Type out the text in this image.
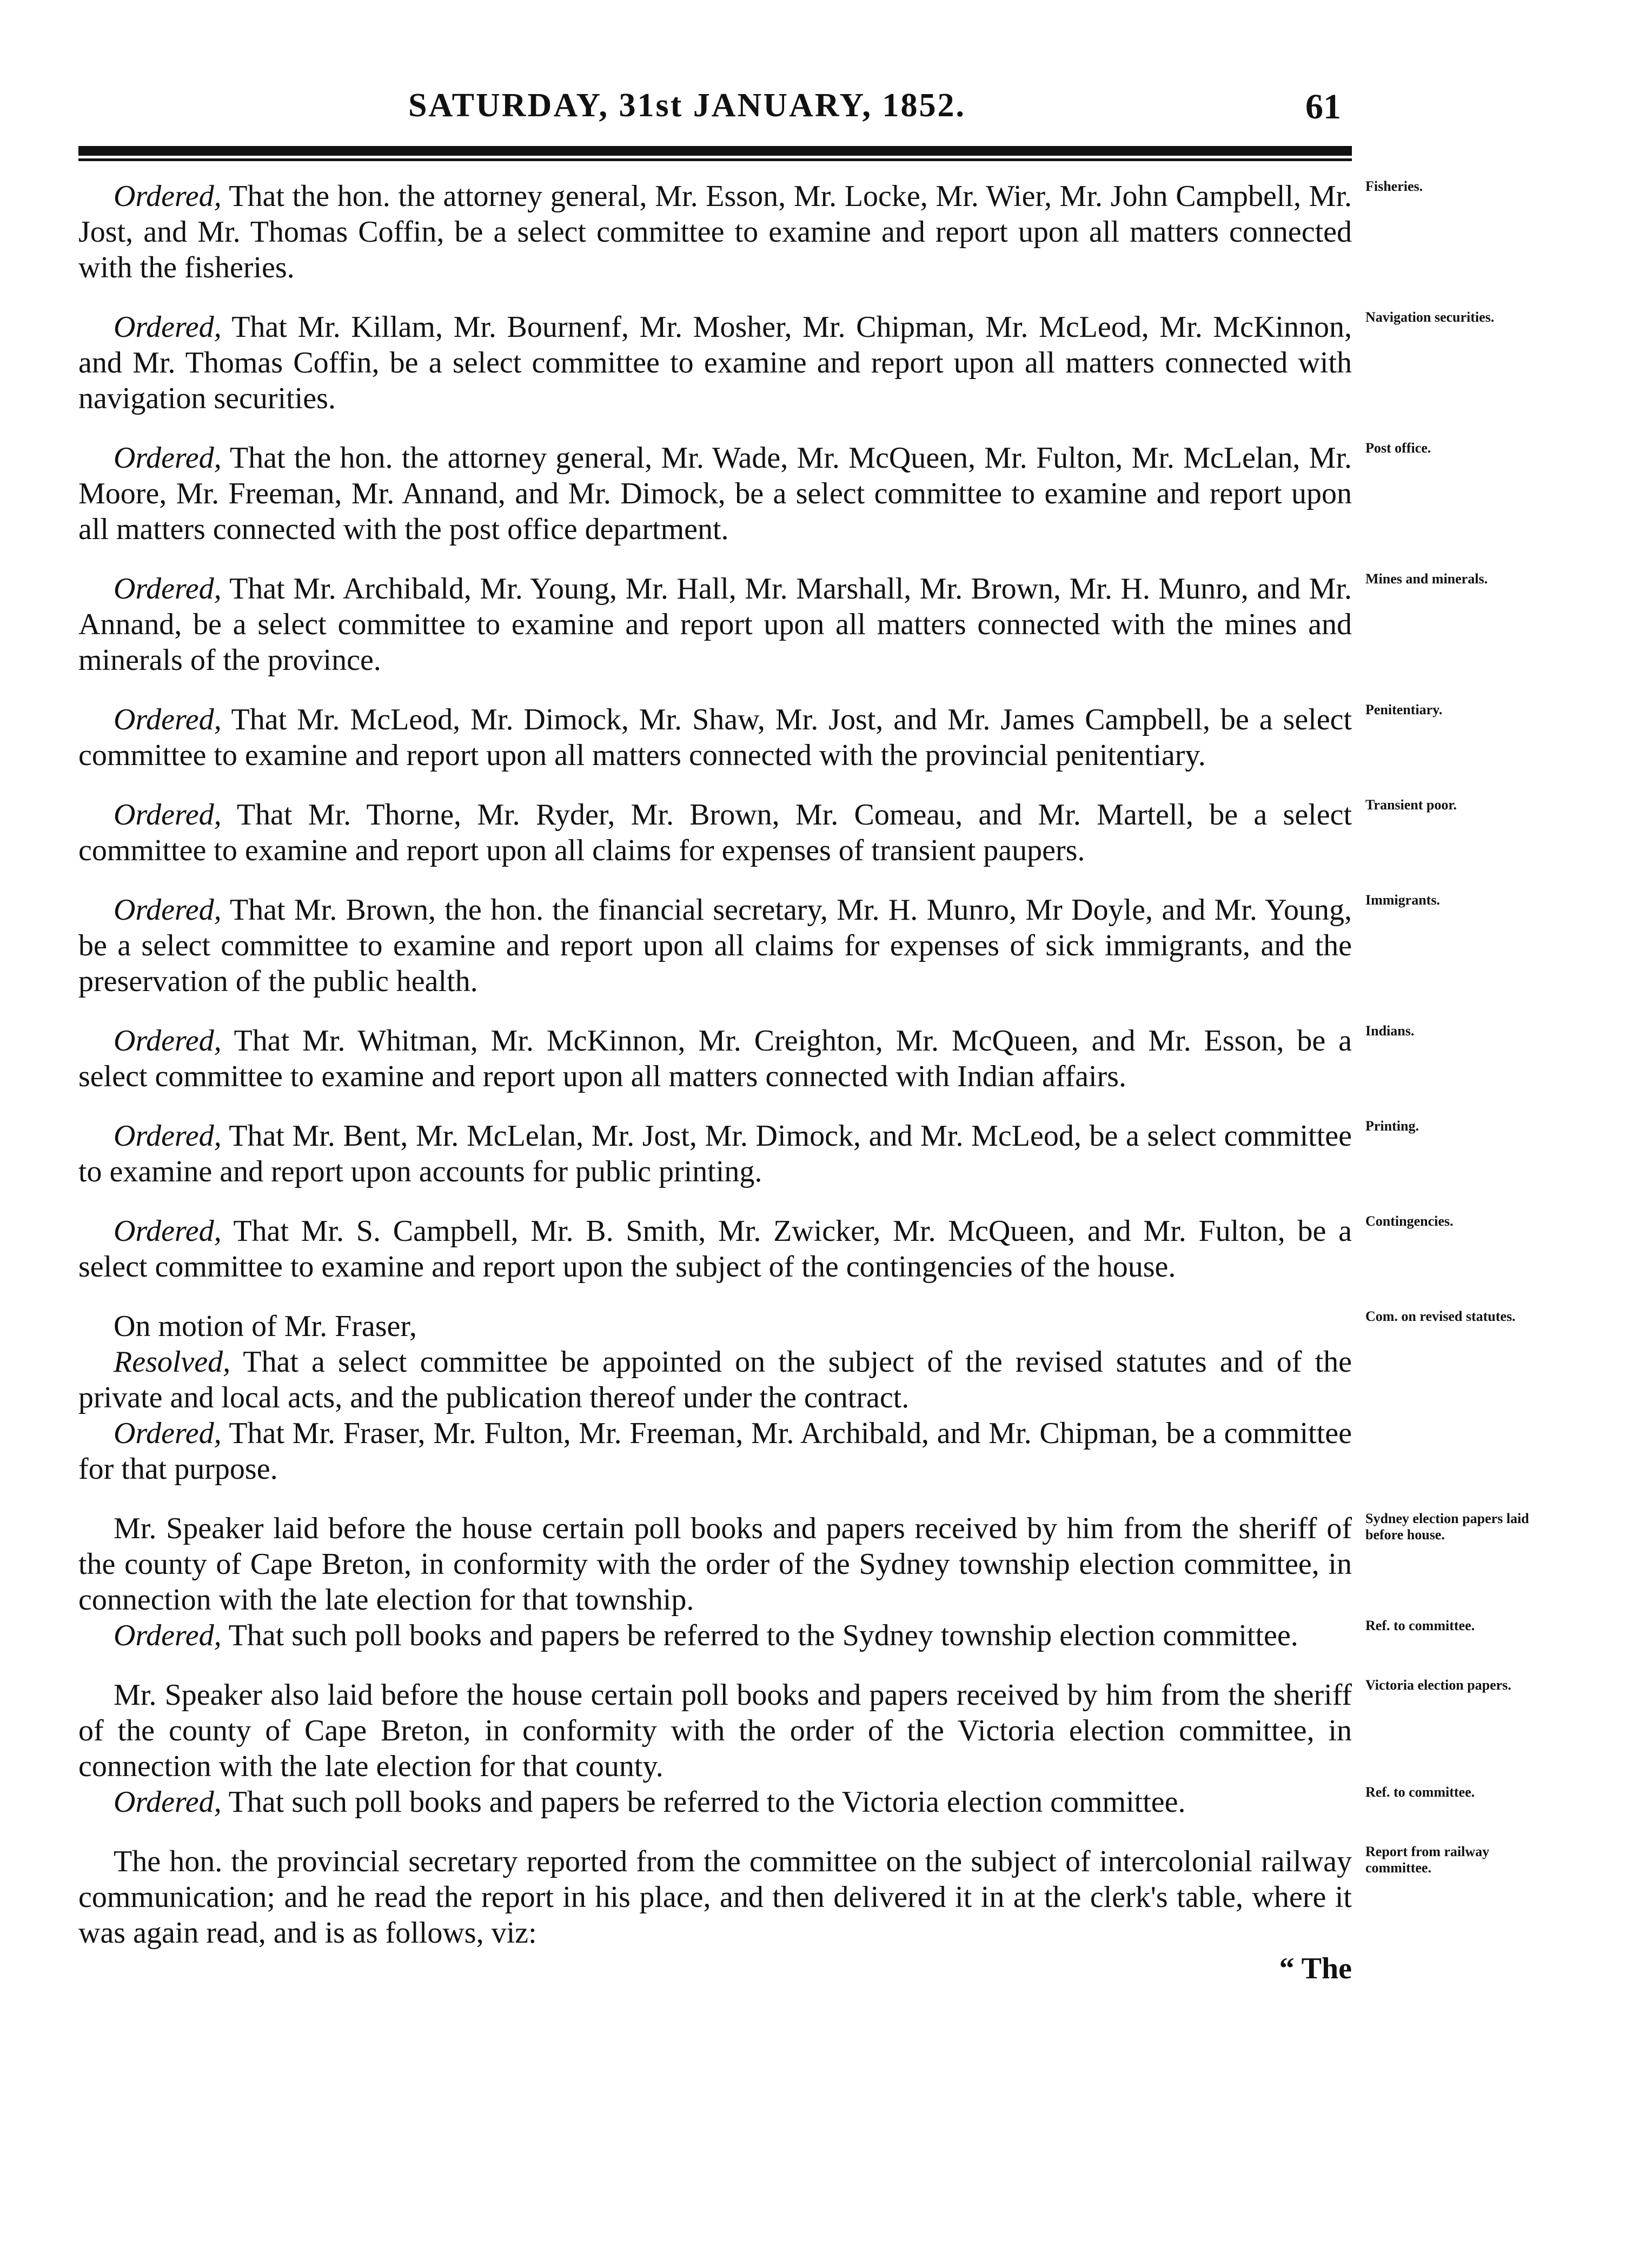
SATURDAY, 31st JANUARY, 1852.	61

Ordered, That the hon. the attorney general, Mr. Esson, Mr. Locke, Mr. Wier, Mr. John Campbell, Mr. Jost, and Mr. Thomas Coffin, be a select committee to examine and report upon all matters connected with the fisheries.
Fisheries.

Ordered, That Mr. Killam, Mr. Bournenf, Mr. Mosher, Mr. Chipman, Mr. McLeod, Mr. McKinnon, and Mr. Thomas Coffin, be a select committee to examine and report upon all matters connected with navigation securities.
Navigation securities.

Ordered, That the hon. the attorney general, Mr. Wade, Mr. McQueen, Mr. Fulton, Mr. McLelan, Mr. Moore, Mr. Freeman, Mr. Annand, and Mr. Dimock, be a select committee to examine and report upon all matters connected with the post office department.
Post office.

Ordered, That Mr. Archibald, Mr. Young, Mr. Hall, Mr. Marshall, Mr. Brown, Mr. H. Munro, and Mr. Annand, be a select committee to examine and report upon all matters connected with the mines and minerals of the province.
Mines and minerals.

Ordered, That Mr. McLeod, Mr. Dimock, Mr. Shaw, Mr. Jost, and Mr. James Campbell, be a select committee to examine and report upon all matters connected with the provincial penitentiary.
Penitentiary.

Ordered, That Mr. Thorne, Mr. Ryder, Mr. Brown, Mr. Comeau, and Mr. Martell, be a select committee to examine and report upon all claims for expenses of transient paupers.
Transient poor.

Ordered, That Mr. Brown, the hon. the financial secretary, Mr. H. Munro, Mr Doyle, and Mr. Young, be a select committee to examine and report upon all claims for expenses of sick immigrants, and the preservation of the public health.
Immigrants.

Ordered, That Mr. Whitman, Mr. McKinnon, Mr. Creighton, Mr. McQueen, and Mr. Esson, be a select committee to examine and report upon all matters connected with Indian affairs.
Indians.

Ordered, That Mr. Bent, Mr. McLelan, Mr. Jost, Mr. Dimock, and Mr. McLeod, be a select committee to examine and report upon accounts for public printing.
Printing.

Ordered, That Mr. S. Campbell, Mr. B. Smith, Mr. Zwicker, Mr. McQueen, and Mr. Fulton, be a select committee to examine and report upon the subject of the contingencies of the house.
Contingencies.

On motion of Mr. Fraser,	Com. on revised statutes.

Resolved, That a select committee be appointed on the subject of the revised statutes and of the private and local acts, and the publication thereof under the contract.

Ordered, That Mr. Fraser, Mr. Fulton, Mr. Freeman, Mr. Archibald, and Mr. Chipman, be a committee for that purpose.

Mr. Speaker laid before the house certain poll books and papers received by him from the sheriff of the county of Cape Breton, in conformity with the order of the Sydney township election committee, in connection with the late election for that township.
Sydney election papers laid before house.

Ordered, That such poll books and papers be referred to the Sydney township election committee.	Ref. to committee.

Mr. Speaker also laid before the house certain poll books and papers received by him from the sheriff of the county of Cape Breton, in conformity with the order of the Victoria election committee, in connection with the late election for that county.
Victoria election papers.

Ordered, That such poll books and papers be referred to the Victoria election committee.	Ref. to committee.

The hon. the provincial secretary reported from the committee on the subject of intercolonial railway communication; and he read the report in his place, and then delivered it in at the clerk's table, where it was again read, and is as follows, viz:
Report from railway committee.

“ The
